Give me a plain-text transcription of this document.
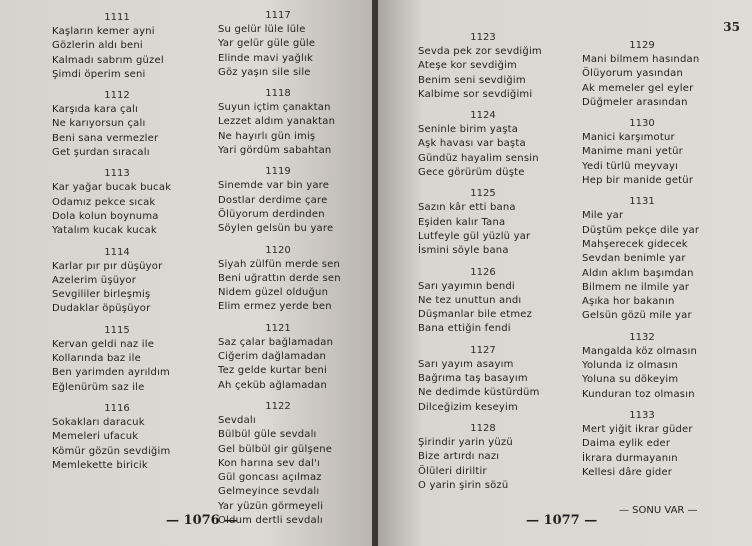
1111
Kaşların kemer ayni
Gözlerin aldı beni
Kalmadı sabrım güzel
Şimdi öperim seni
1112
Karşıda kara çalı
Ne karıyorsun çalı
Beni sana vermezler
Get şurdan sıracalı
1113
Kar yağar bucak bucak
Odamız pekce sıcak
Dola kolun boynuma
Yatalım kucak kucak
1114
Karlar pır pır düşüyor
Azelerim üşüyor
Sevgililer birleşmiş
Dudaklar öpüşüyor
1115
Kervan geldi naz ile
Kollarında baz ile
Ben yarimden ayrıldım
Eğlenürüm saz ile
1116
Sokakları daracuk
Memeleri ufacuk
Kömür gözün sevdiğim
Memlekette biricik
1117
Su gelür lüle lüle
Yar gelür güle güle
Elinde mavi yağlık
Göz yaşın sile sile
1118
Suyun içtim çanaktan
Lezzet aldım yanaktan
Ne hayırlı gün imiş
Yari gördüm sabahtan
1119
Sinemde var bin yare
Dostlar derdime çare
Ölüyorum derdinden
Söylen gelsün bu yare
1120
Siyah zülfün merde sen
Beni uğrattın derde sen
Nidem güzel olduğun
Elim ermez yerde ben
1121
Saz çalar bağlamadan
Ciğerim dağlamadan
Tez gelde kurtar beni
Ah çeküb ağlamadan
1122
Sevdalı
Bülbül güle sevdalı
Gel bülbül gir gülşene
Kon harına sev dal'ı
Gül goncası açılmaz
Gelmeyince sevdalı
Yar yüzün görmeyeli
Oldum dertli sevdalı
— 1076 —
35
1123
Sevda pek zor sevdiğim
Ateşe kor sevdiğim
Benim seni sevdiğim
Kalbime sor sevdiğimi
1124
Seninle birim yaşta
Aşk havası var başta
Gündüz hayalim sensin
Gece görürüm düşte
1125
Sazın kâr etti bana
Eşiden kalır Tana
Lutfeyle gül yüzlü yar
İsmini söyle bana
1126
Sarı yayımın bendi
Ne tez unuttun andı
Düşmanlar bile etmez
Bana ettiğin fendi
1127
Sarı yayım asayım
Bağrıma taş basayım
Ne dedimde küstürdüm
Dilceğizim keseyim
1128
Şirindir yarin yüzü
Bize artırdı nazı
Ölüleri diriltir
O yarin şirin sözü
1129
Mani bilmem hasından
Ölüyorum yasından
Ak memeler gel eyler
Düğmeler arasından
1130
Manici karşımotur
Manime mani yetür
Yedi türlü meyvayı
Hep bir manide getür
1131
Mile yar
Düştüm pekçe dile yar
Mahşerecek gidecek
Sevdan benimle yar
Aldın aklım başımdan
Bilmem ne ilmile yar
Aşıka hor bakanın
Gelsün gözü mile yar
1132
Mangalda köz olmasın
Yolunda iz olmasın
Yoluna su dökeyim
Kunduran toz olmasın
1133
Mert yiğit ikrar güder
Daima eylik eder
İkrara durmayanın
Kellesi dâre gider
— 1077 —
— SONU VAR —
